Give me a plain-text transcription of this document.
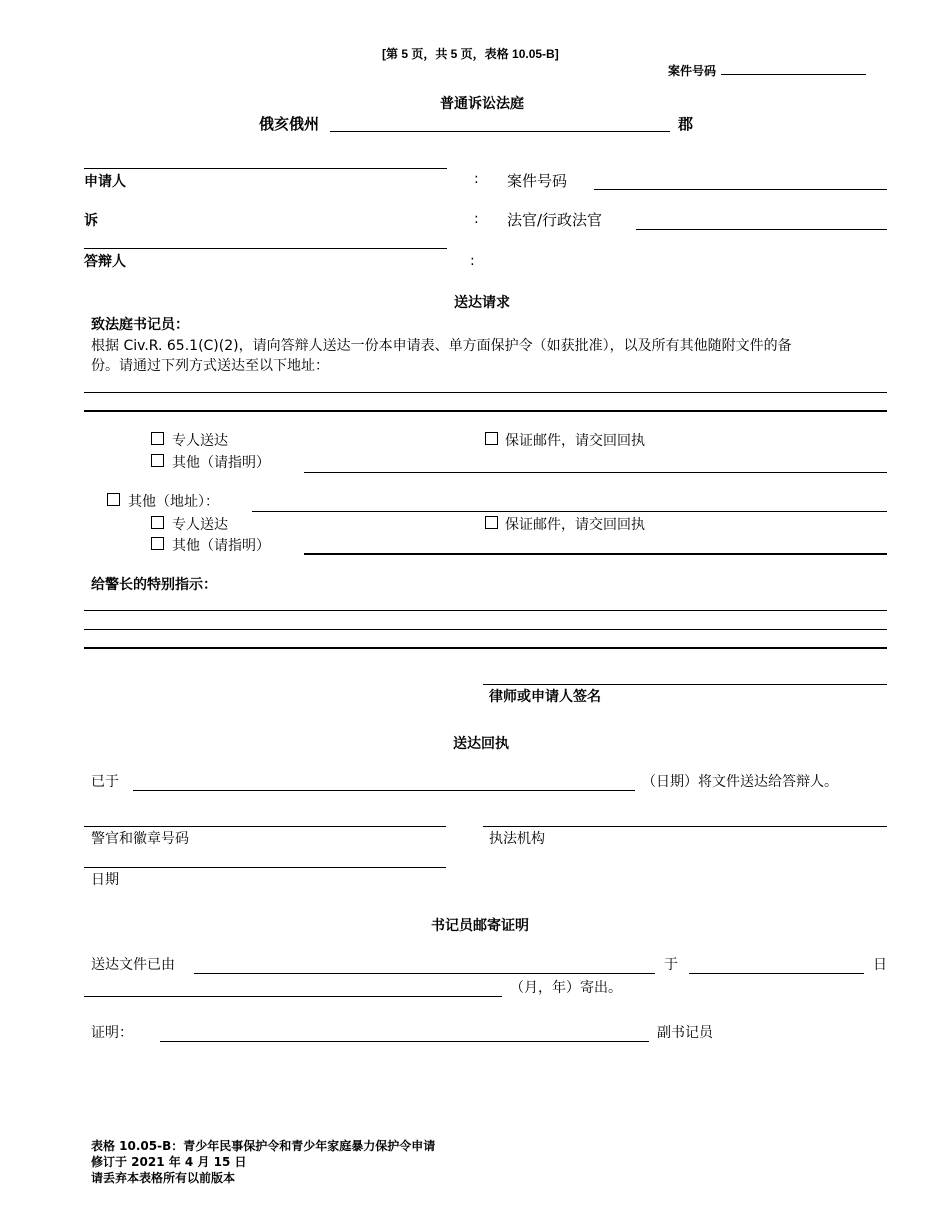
[第 5 页，共 5 页，表格 10.05-B]
案件号码
普通诉讼法庭
俄亥俄州	郡
申请人	: 案件号码
诉	: 法官/行政法官
答辩人	:
送达请求
致法庭书记员：
根据 Civ.R. 65.1(C)(2)，请向答辩人送达一份本申请表、单方面保护令（如获批准），以及所有其他随附文件的备
份。请通过下列方式送达至以下地址：
专人送达	保证邮件，请交回回执
其他（请指明）
其他（地址）：
专人送达	保证邮件，请交回回执
其他（请指明）
给警长的特别指示：
律师或申请人签名
送达回执
已于	（日期）将文件送达给答辩人。
警官和徽章号码	执法机构
日期
书记员邮寄证明
送达文件已由	于	日
（月，年）寄出。
证明：	副书记员
表格 10.05-B：青少年民事保护令和青少年家庭暴力保护令申请
修订于 2021 年 4 月 15 日
请丢弃本表格所有以前版本
